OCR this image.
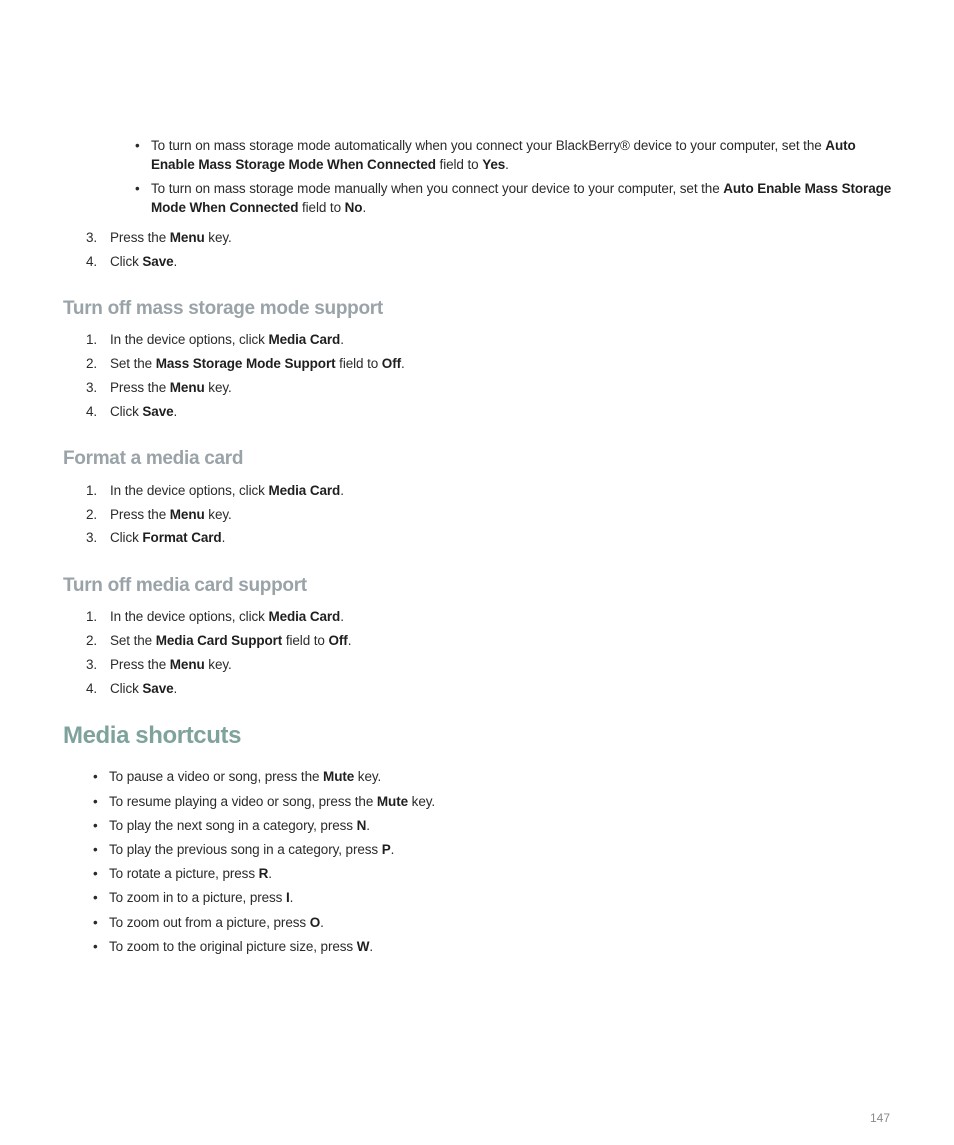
• To turn on mass storage mode automatically when you connect your BlackBerry® device to your computer, set the Auto Enable Mass Storage Mode When Connected field to Yes.
• To turn on mass storage mode manually when you connect your device to your computer, set the Auto Enable Mass Storage Mode When Connected field to No.
3. Press the Menu key.
4. Click Save.
Turn off mass storage mode support
1. In the device options, click Media Card.
2. Set the Mass Storage Mode Support field to Off.
3. Press the Menu key.
4. Click Save.
Format a media card
1. In the device options, click Media Card.
2. Press the Menu key.
3. Click Format Card.
Turn off media card support
1. In the device options, click Media Card.
2. Set the Media Card Support field to Off.
3. Press the Menu key.
4. Click Save.
Media shortcuts
• To pause a video or song, press the Mute key.
• To resume playing a video or song, press the Mute key.
• To play the next song in a category, press N.
• To play the previous song in a category, press P.
• To rotate a picture, press R.
• To zoom in to a picture, press I.
• To zoom out from a picture, press O.
• To zoom to the original picture size, press W.
147
